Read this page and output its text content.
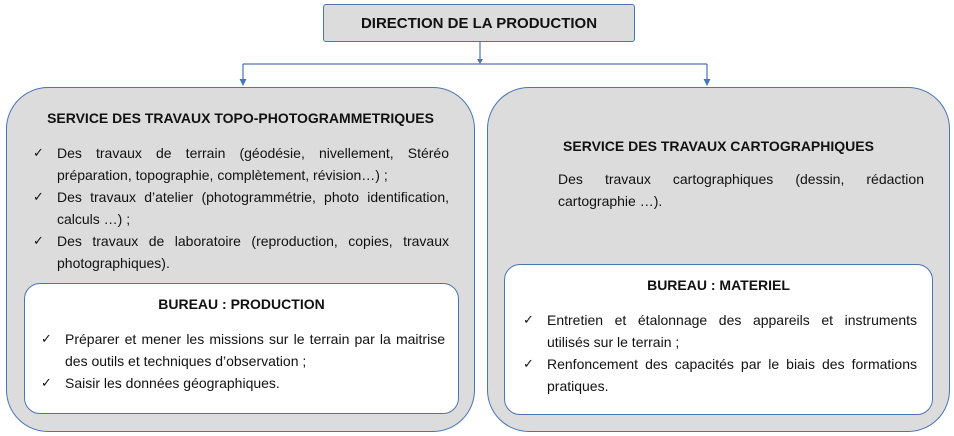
DIRECTION DE LA PRODUCTION
SERVICE DES TRAVAUX TOPO-PHOTOGRAMMETRIQUES
✓ Des travaux de terrain (géodésie, nivellement, Stéréo préparation, topographie, complètement, révision…) ;
✓ Des travaux d’atelier (photogrammétrie, photo identification, calculs …) ;
✓ Des travaux de laboratoire (reproduction, copies, travaux photographiques).
BUREAU : PRODUCTION
✓ Préparer et mener les missions sur le terrain par la maitrise des outils et techniques d’observation ;
✓ Saisir les données géographiques.
SERVICE DES TRAVAUX CARTOGRAPHIQUES
Des travaux cartographiques (dessin, rédaction cartographie …).
BUREAU : MATERIEL
✓ Entretien et étalonnage des appareils et instruments utilisés sur le terrain ;
✓ Renfoncement des capacités par le biais des formations pratiques.
